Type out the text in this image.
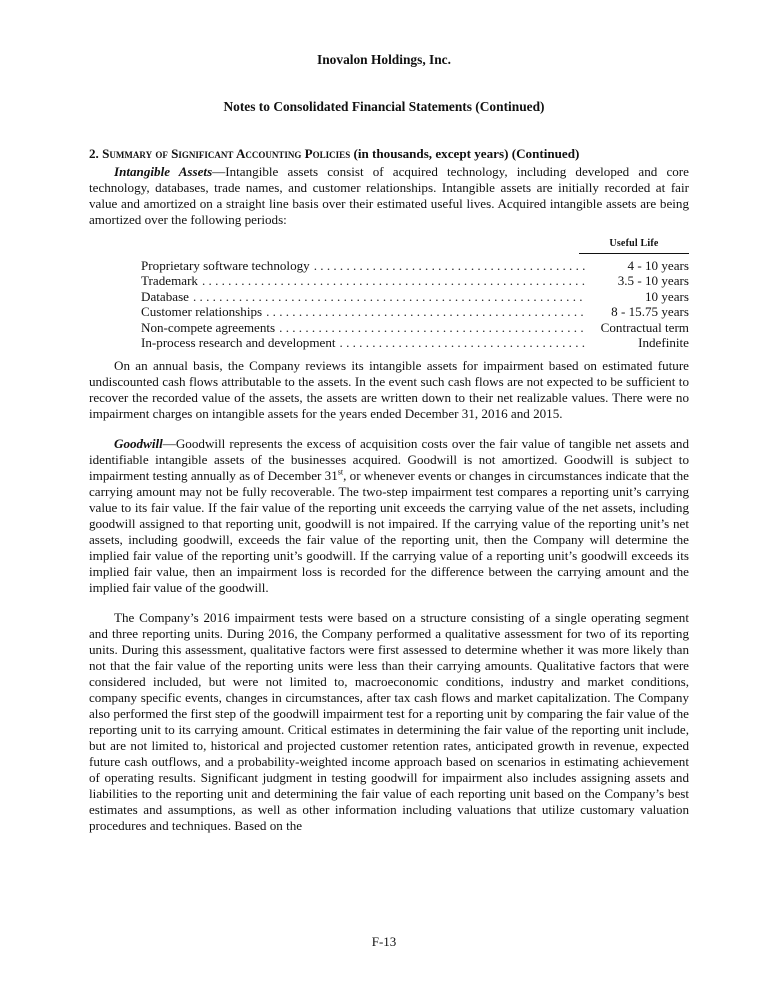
Inovalon Holdings, Inc.
Notes to Consolidated Financial Statements (Continued)
2. Summary of Significant Accounting Policies (in thousands, except years) (Continued)

Intangible Assets—Intangible assets consist of acquired technology, including developed and core technology, databases, trade names, and customer relationships. Intangible assets are initially recorded at fair value and amortized on a straight line basis over their estimated useful lives. Acquired intangible assets are being amortized over the following periods:

Useful Life
Proprietary software technology . . .	4 - 10 years
Trademark . . .	3.5 - 10 years
Database . . .	10 years
Customer relationships . . .	8 - 15.75 years
Non-compete agreements . . .	Contractual term
In-process research and development . . .	Indefinite

On an annual basis, the Company reviews its intangible assets for impairment based on estimated future undiscounted cash flows attributable to the assets. In the event such cash flows are not expected to be sufficient to recover the recorded value of the assets, the assets are written down to their net realizable values. There were no impairment charges on intangible assets for the years ended December 31, 2016 and 2015.

Goodwill—Goodwill represents the excess of acquisition costs over the fair value of tangible net assets and identifiable intangible assets of the businesses acquired. Goodwill is not amortized. Goodwill is subject to impairment testing annually as of December 31st, or whenever events or changes in circumstances indicate that the carrying amount may not be fully recoverable. The two-step impairment test compares a reporting unit’s carrying value to its fair value. If the fair value of the reporting unit exceeds the carrying value of the net assets, including goodwill assigned to that reporting unit, goodwill is not impaired. If the carrying value of the reporting unit’s net assets, including goodwill, exceeds the fair value of the reporting unit, then the Company will determine the implied fair value of the reporting unit’s goodwill. If the carrying value of a reporting unit’s goodwill exceeds its implied fair value, then an impairment loss is recorded for the difference between the carrying amount and the implied fair value of the goodwill.

The Company’s 2016 impairment tests were based on a structure consisting of a single operating segment and three reporting units. During 2016, the Company performed a qualitative assessment for two of its reporting units. During this assessment, qualitative factors were first assessed to determine whether it was more likely than not that the fair value of the reporting units were less than their carrying amounts. Qualitative factors that were considered included, but were not limited to, macroeconomic conditions, industry and market conditions, company specific events, changes in circumstances, after tax cash flows and market capitalization. The Company also performed the first step of the goodwill impairment test for a reporting unit by comparing the fair value of the reporting unit to its carrying amount. Critical estimates in determining the fair value of the reporting unit include, but are not limited to, historical and projected customer retention rates, anticipated growth in revenue, expected future cash outflows, and a probability-weighted income approach based on scenarios in estimating achievement of operating results. Significant judgment in testing goodwill for impairment also includes assigning assets and liabilities to the reporting unit and determining the fair value of each reporting unit based on the Company’s best estimates and assumptions, as well as other information including valuations that utilize customary valuation procedures and techniques. Based on the

F-13
